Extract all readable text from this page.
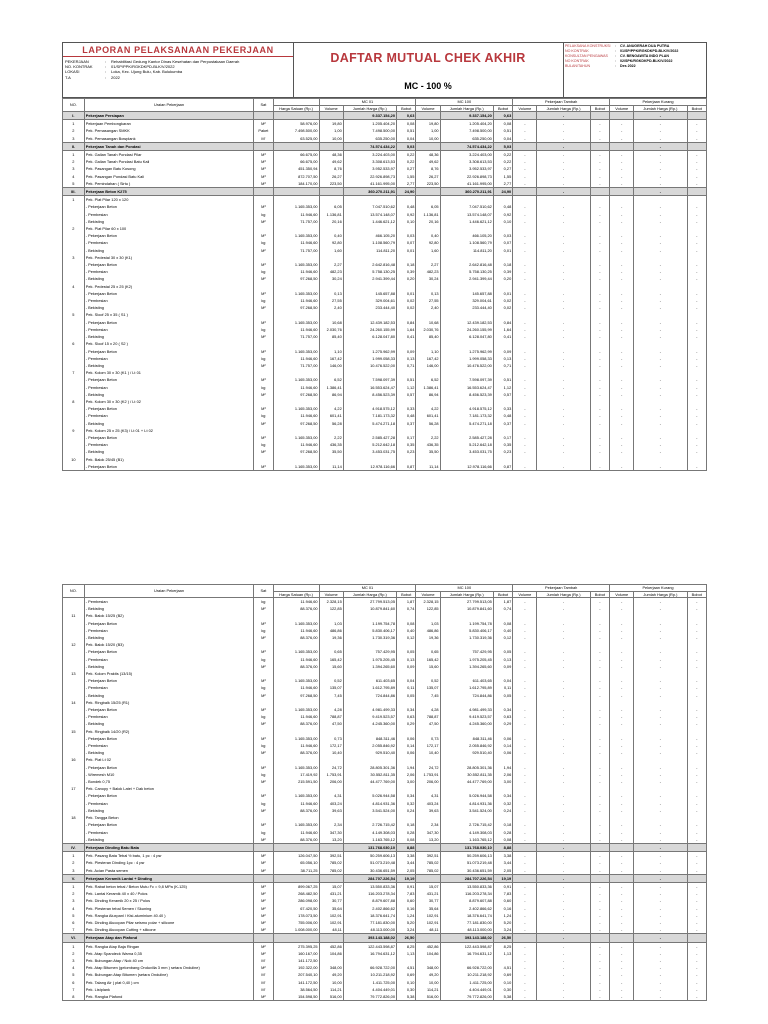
LAPORAN PELAKSANAAN PEKERJAAN
PEKERJAAN	: Rehabilitasi Gedung Kantor Dinas Kesehatan dan Perpustakaan Daerah
NO. KONTRAK	: 01/SP/PPK/RGKDKPD-BLK/V/2022
LOKASI	: Loka, Kec. Ujung Bulu, Kab. Bulukumba
T.A	: 2022
DAFTAR MUTUAL CHEK AKHIR
MC - 100 %
PELAKSANA KONSTRUKSI : CV. ANUGERAH DUA PUTRA
NO KONTRAK	: 01/SP/PPK/RGKDKPD-BLK/V/2022
KONSULTAN PENGAWAS : CV. BENGAWITA INDO PLAN
NO KONTRAK	: 02/SPK/RGKDKPD-BLK/V/2022
BULAN/TAHUN	: Des 2022
NO.	Uraian Pekerjaan	Sat		MC 01			MC 100			Pekerjaan Tambah			Pekerjaan Kurang		
			Harga Satuan (Rp.)	Volume	Jumlah Harga (Rp.)	Bobot	Volume	Jumlah Harga (Rp.)	Bobot	Volume	Jumlah Harga (Rp.)	Bobot	Volume	Jumlah Harga (Rp.)	Bobot
I.	Pekerjaan Persiapan				9.337.154,20	0,63		9.337.154,20	0,63		-			-	
1	Pekerjaan Pembongkaran	M²	58.976,00	19,80	1.205.404,20	0,08	19,80	1.205.404,20	0,08	-	-	-	-	-	-
2	Pek. Pemasangan SMKK	Paket	7.498.500,00	1,00	7.498.500,00	0,51	1,00	7.498.500,00	0,51	-	-	-	-	-	-
3	Pek. Pemasangan Bowplank	M'	63.525,00	10,00	635.250,00	0,04	10,00	635.250,00	0,04	-	-	-	-	-	-
II.	Pekerjaan Tanah dan Pondasi				74.574.434,22	5,03		74.574.434,22	5,03		-			-	
1	Pek. Galian Tanah Pondasi Pilar	M³	66.675,00	48,36	3.224.403,00	0,22	48,36	3.224.403,00	0,22	-	-	-	-	-	-
2	Pek. Galian Tanah Pondasi Batu Kali	M³	66.675,00	49,62	3.308.613,53	0,22	49,62	3.308.613,53	0,22	-	-	-	-	-	-
3	Pek. Pasangan Batu Kosong	M³	451.350,94	8,76	3.952.533,97	0,27	8,76	3.952.533,97	0,27	-	-	-	-	-	-
4	Pek. Pasangan Pondasi Batu Kali	M³	872.707,50	26,27	22.926.898,73	1,55	26,27	22.926.898,73	1,55	-	-	-	-	-	-
5	Pek. Pemindahan ( Sirtu )	M³	184.170,00	223,50	41.161.995,00	2,77	223,50	41.161.995,00	2,77	-	-	-	-	-	-
III.	Pekerjaan Beton K275				360.270.211,91	24,90		360.270.211,91	24,90		-			-	
1	Pek. Plat Pilar 120 x 120														
	- Pekerjaan Beton	M³	1.165.353,00	6,05	7.047.510,62	0,48	6,05	7.047.510,62	0,48	-	-	-	-	-	-
	- Pembesian	kg	11.946,60	1.136,81	13.574.148,07	0,92	1.136,81	13.574.148,07	0,92	-	-	-	-	-	-
	- Bekisting	M²	71.757,00	20,16	1.446.621,12	0,10	20,16	1.446.621,12	0,10	-	-	-	-	-	-
2	Pek. Plat Pilar 60 x 100														
	- Pekerjaan Beton	M³	1.165.353,00	0,40	466.105,20	0,03	0,40	466.105,20	0,03	-	-	-	-	-	-
	- Pembesian	kg	11.946,60	92,80	1.108.560,79	0,07	92,80	1.108.560,79	0,07	-	-	-	-	-	-
	- Bekisting	M²	71.757,00	1,60	114.811,20	0,01	1,60	114.811,20	0,01	-	-	-	-	-	-
3	Pek. Pedestal 30 x 30 (K1)														
	- Pekerjaan Beton	M³	1.165.353,00	2,27	2.642.816,48	0,18	2,27	2.642.816,48	0,18	-	-	-	-	-	-
	- Pembesian	kg	11.946,60	482,23	5.758.130,25	0,39	482,23	5.758.130,25	0,39	-	-	-	-	-	-
	- Bekisting	M²	97.268,50	30,24	2.941.399,44	0,20	30,24	2.941.399,44	0,20	-	-	-	-	-	-
4	Pek. Pedestal 25 x 25 (K2)														
	- Pekerjaan Beton	M³	1.165.353,00	0,13	145.657,88	0,01	0,13	145.657,88	0,01	-	-	-	-	-	-
	- Pembesian	kg	11.946,60	27,55	329.004,61	0,02	27,55	329.004,61	0,02	-	-	-	-	-	-
	- Bekisting	M²	97.268,50	2,40	233.444,40	0,02	2,40	233.444,40	0,02	-	-	-	-	-	-
5	Pek. Sloof 25 x 35 ( S1 )														
	- Pekerjaan Beton	M³	1.165.353,00	10,68	12.439.182,53	0,84	10,68	12.439.182,53	0,84	-	-	-	-	-	-
	- Pembesian	kg	11.946,60	2.030,76	24.260.155,99	1,64	2.030,76	24.260.155,99	1,64	-	-	-	-	-	-
	- Bekisting	M²	71.757,00	85,40	6.128.047,80	0,41	85,40	6.128.047,80	0,41	-	-	-	-	-	-
6	Pek. Sloof 15 x 20 ( S2 )														
	- Pekerjaan Beton	M³	1.165.353,00	1,10	1.275.962,99	0,09	1,10	1.275.962,99	0,09	-	-	-	-	-	-
	- Pembesian	kg	11.946,60	167,42	1.999.058,33	0,13	167,42	1.999.058,33	0,13	-	-	-	-	-	-
	- Bekisting	M²	71.757,00	146,00	10.476.522,00	0,71	146,00	10.476.522,00	0,71	-	-	-	-	-	-
7	Pek. Kolom 30 x 30 (K1 ) / Lt 01														
	- Pekerjaan Beton	M³	1.165.353,00	6,52	7.598.097,39	0,51	6,52	7.598.097,39	0,51	-	-	-	-	-	-
	- Pembesian	kg	11.946,60	1.386,41	16.553.624,47	1,12	1.386,41	16.553.624,47	1,12	-	-	-	-	-	-
	- Bekisting	M²	97.268,50	86,94	8.456.523,39	0,57	86,94	8.456.523,39	0,57	-	-	-	-	-	-
8	Pek. Kolom 30 x 30 (K2 ) / Lt 02														
	- Pekerjaan Beton	M³	1.165.353,00	4,22	4.918.575,12	0,33	4,22	4.918.575,12	0,33	-	-	-	-	-	-
	- Pembesian	kg	11.946,60	601,41	7.181.173,32	0,48	601,41	7.181.173,32	0,48	-	-	-	-	-	-
	- Bekisting	M²	97.268,50	56,28	5.474.271,18	0,37	56,28	5.474.271,18	0,37	-	-	-	-	-	-
9	Pek. Kolom 25 x 25 (K3) / Lt 01 + Lt 02														
	- Pekerjaan Beton	M³	1.165.353,00	2,22	2.585.427,28	0,17	2,22	2.585.427,28	0,17	-	-	-	-	-	-
	- Pembesian	kg	11.946,60	436,35	5.212.642,18	0,35	436,35	5.212.642,18	0,35	-	-	-	-	-	-
	- Bekisting	M²	97.268,50	35,50	3.453.031,75	0,23	35,50	3.453.031,75	0,23	-	-	-	-	-	-
10	Pek. Balok 25/45 (B1)														
	- Pekerjaan Beton	M³	1.165.353,00	11,14	12.978.116,66	0,87	11,14	12.978.116,66	0,87	-	-	-	-	-	-
NO.	Uraian Pekerjaan	Sat		MC 01			MC 100			Pekerjaan Tambah			Pekerjaan Kurang		
			Harga Satuan (Rp.)	Volume	Jumlah Harga (Rp.)	Bobot	Volume	Jumlah Harga (Rp.)	Bobot	Volume	Jumlah Harga (Rp.)	Bobot	Volume	Jumlah Harga (Rp.)	Bobot
	- Pembesian	kg	11.946,60	2.328,15	27.799.513,05	1,87	2.328,15	27.799.513,05	1,87	-	-	-	-	-	-
	- Bekisting	M²	88.376,00	122,85	10.879.841,60	0,74	122,85	10.879.841,60	0,74	-	-	-	-	-	-
11	Pek. Balok 15/25 (B2)														
	- Pekerjaan Beton	M³	1.165.353,00	1,03	1.199.754,78	0,08	1,03	1.199.754,78	0,08	-	-	-	-	-	-
	- Pembesian	kg	11.946,60	486,86	5.830.406,17	0,40	486,86	5.830.406,17	0,40	-	-	-	-	-	-
	- Bekisting	M²	88.376,00	19,36	1.730.319,36	0,12	19,36	1.730.319,36	0,12	-	-	-	-	-	-
12	Pek. Balok 15/20 (B3)														
	- Pekerjaan Beton	M³	1.165.353,00	0,65	757.429,95	0,05	0,65	757.429,95	0,05	-	-	-	-	-	-
	- Pembesian	kg	11.946,60	165,42	1.975.205,45	0,13	165,42	1.975.205,45	0,13	-	-	-	-	-	-
	- Bekisting	M²	88.376,00	15,60	1.394.265,60	0,09	15,60	1.394.265,60	0,09	-	-	-	-	-	-
13	Pek. Kolom Praktis (13/15)														
	- Pekerjaan Beton	M³	1.165.353,00	0,52	611.403,65	0,04	0,52	611.403,65	0,04	-	-	-	-	-	-
	- Pembesian	kg	11.946,60	135,07	1.612.795,89	0,11	135,07	1.612.795,89	0,11	-	-	-	-	-	-
	- Bekisting	M²	97.268,50	7,45	724.844,86	0,05	7,45	724.844,86	0,05	-	-	-	-	-	-
14	Pek. Ringbalk 15/25 (R1)														
	- Pekerjaan Beton	M³	1.165.353,00	4,28	4.981.499,33	0,34	4,28	4.981.499,33	0,34	-	-	-	-	-	-
	- Pembesian	kg	11.946,60	788,87	9.419.523,57	0,63	788,87	9.419.523,57	0,63	-	-	-	-	-	-
	- Bekisting	M²	88.376,00	47,50	4.245.360,00	0,29	47,50	4.245.360,00	0,29	-	-	-	-	-	-
15	Pek. Ringbalk 14/20 (R2)														
	- Pekerjaan Beton	M³	1.165.353,00	0,73	848.311,46	0,06	0,73	848.311,46	0,06	-	-	-	-	-	-
	- Pembesian	kg	11.946,60	172,17	2.055.846,92	0,14	172,17	2.055.846,92	0,14	-	-	-	-	-	-
	- Bekisting	M²	88.376,00	10,40	929.510,40	0,06	10,40	929.510,40	0,06	-	-	-	-	-	-
16	Pek. Plat Lt 02														
	- Pekerjaan Beton	M³	1.165.353,00	24,72	28.805.301,36	1,94	24,72	28.805.301,36	1,94	-	-	-	-	-	-
	- Wiremesh M10	kg	17.419,92	1.753,91	30.552.811,35	2,06	1.753,91	30.552.811,35	2,06	-	-	-	-	-	-
	- Bondek 0,75	M²	215.591,50	206,00	44.477.769,00	3,00	206,00	44.477.769,00	3,00	-	-	-	-	-	-
17	Pek. Canopy + Balok Latei + Dak beton														
	- Pekerjaan Beton	M³	1.165.353,00	4,31	5.026.944,58	0,34	4,31	5.026.944,58	0,34	-	-	-	-	-	-
	- Pembesian	kg	11.946,60	403,24	4.814.931,36	0,32	403,24	4.814.931,36	0,32	-	-	-	-	-	-
	- Bekisting	M²	88.376,00	39,63	3.541.524,00	0,24	39,63	3.541.524,00	0,24	-	-	-	-	-	-
18	Pek. Tangga Beton														
	- Pekerjaan Beton	M³	1.165.353,00	2,34	2.726.715,42	0,18	2,34	2.726.715,42	0,18	-	-	-	-	-	-
	- Pembesian	kg	11.946,60	347,30	4.149.308,03	0,28	347,30	4.149.308,03	0,28	-	-	-	-	-	-
	- Bekisting	M²	88.376,00	13,20	1.163.765,12	0,08	13,20	1.163.765,12	0,08	-	-	-	-	-	-
IV.	Pekerjaan Dinding Batu Bata				131.768.030,10	8,88		131.768.030,10	8,88		-			-	
1	Pek. Pasang Bata Tebal ½ batu, 1 pc : 4 psr	M²	126.047,50	392,51	50.259.606,13	3,38	392,51	50.259.606,13	3,38	-	-	-	-	-	-
2	Pek. Plesteran Dinding 1pc : 4 psr	M²	65.056,10	785,02	51.073.219,48	3,44	785,02	51.073.219,48	3,44	-	-	-	-	-	-
3	Pek. Acian Pasta semen	M²	38.711,25	785,02	30.436.651,59	2,05	785,02	30.436.651,59	2,05	-	-	-	-	-	-
V.	Pekerjaan Keramik Lantai + Dinding				284.707.226,54	19,19		284.707.226,54	19,19		-			-	
1	Pek. Rabat beton tebal / Beton Mutu Fc = 9,8 MPa (K-125)	M³	899.067,25	15,07	13.550.833,36	0,91	15,07	13.550.833,36	0,91	-	-	-	-	-	-
2	Pek. Lantai Keramik 40 x 40 / Polos	M²	268.482,50	431,21	116.203.278,34	7,83	431,21	116.203.278,34	7,83	-	-	-	-	-	-
3	Pek. Dinding Keramik 20 x 25 / Polos	M²	286.098,00	30,77	8.879.607,88	0,60	30,77	8.879.607,88	0,60	-	-	-	-	-	-
4	Pek. Plesteran tebal Semen / Skuning	M²	67.420,50	35,64	2.402.866,62	0,16	35,64	2.402.866,62	0,16	-	-	-	-	-	-
5	Pek. Rangka Aluxpanl / Kisi-aluminium 40.40 )	M²	178.073,50	102,91	18.376.641,74	1,24	102,91	18.376.641,74	1,24	-	-	-	-	-	-
6	Pek. Dinding Alucopan Pilar seismo polar + silicone	M²	755.006,00	102,91	77.181.830,00	5,20	102,91	77.181.830,00	5,20	-	-	-	-	-	-
7	Pek. Dinding Alucopan Cutting + silicone	M²	1.008.000,00	48,11	48.113.000,00	3,24	48,11	48.113.000,00	3,24	-	-	-	-	-	-
VI.	Pekerjaan Atap dan Plafond				393.143.188,02	26,50		393.143.188,02	26,50		-			-	
1	Pek. Rangka Atap Baja Ringan	M²	275.395,25	452,86	122.443.598,87	8,25	452,86	122.443.598,87	8,25	-	-	-	-	-	-
2	Pek. Atap Spandeck Warna 0,35	M²	160.167,00	104,86	16.794.631,12	1,13	104,86	16.794.631,12	1,13	-	-	-	-	-	-
3	Pek. Bubungan Atap / Nok 40 cm	M'	141.172,50							-	-	-	-	-	-
4	Pek. Atap Bitumen (gelombang Onduvilla 3 mm ) setara Onduline)	M²	192.322,00	348,00	66.928.722,00	4,51	348,00	66.928.722,00	4,51	-	-	-	-	-	-
5	Pek. Bubungan Atap Bitumen (setara Onduline)	M'	207.540,10	49,20	10.211.218,92	0,69	49,20	10.211.218,92	0,69	-	-	-	-	-	-
6	Pek. Talang Air ( plat 0,40 ) cm	M'	141.172,50	10,00	1.411.725,00	0,10	10,00	1.411.725,00	0,10	-	-	-	-	-	-
7	Pek. Listplank	M'	38.564,50	114,21	4.404.449,01	0,30	114,21	4.404.449,01	0,30	-	-	-	-	-	-
8	Pek. Rangka Plafond	M²	154.598,50	516,00	79.772.826,00	5,38	516,00	79.772.826,00	5,38	-	-	-	-	-	-
